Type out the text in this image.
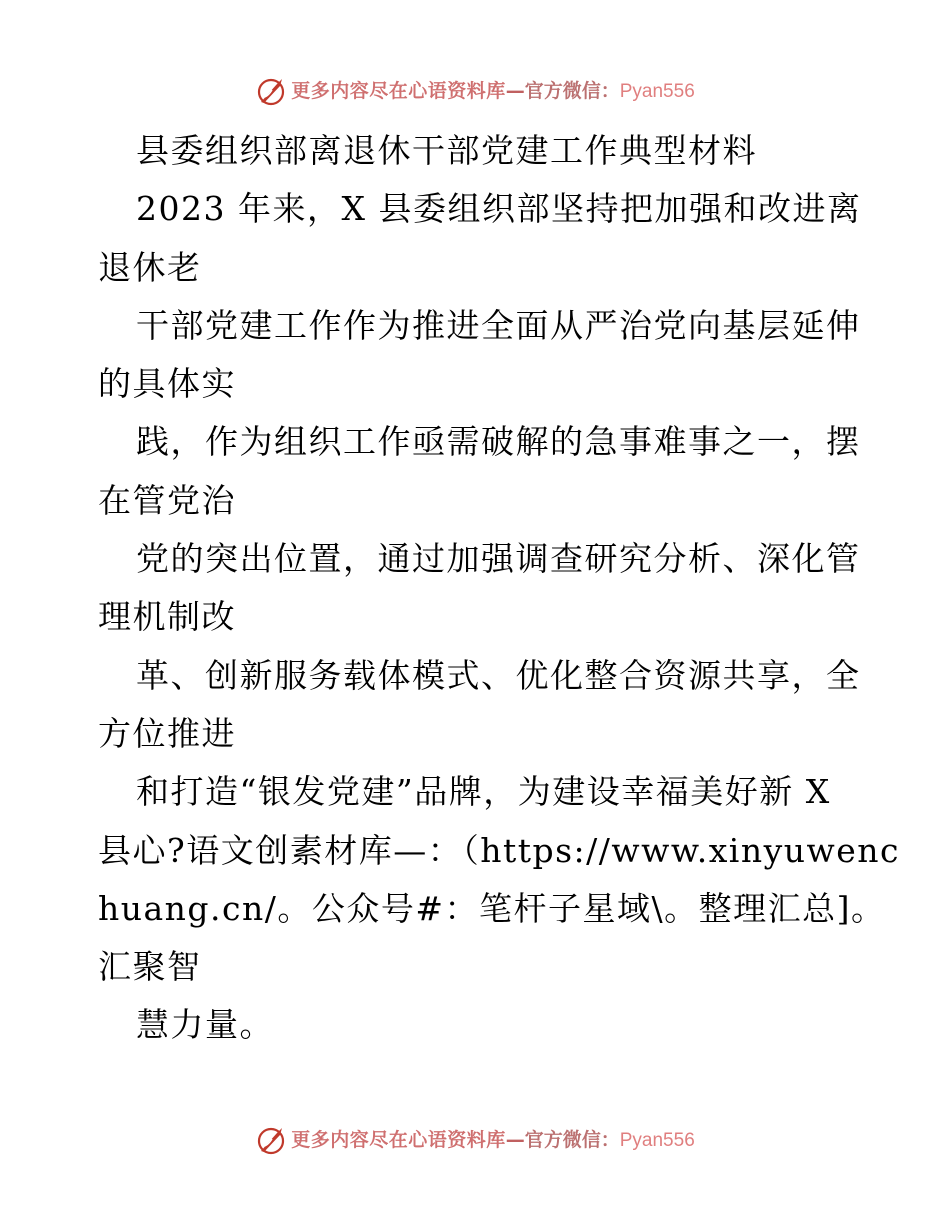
更多内容尽在心语资料库 — 官方微信： Pyan556
县委组织部离退休干部党建工作典型材料
2023 年来，X 县委组织部坚持把加强和改进离
退休老
干部党建工作作为推进全面从严治党向基层延伸
的具体实
践，作为组织工作亟需破解的急事难事之一，摆
在管党治
党的突出位置，通过加强调查研究分析、深化管
理机制改
革、创新服务载体模式、优化整合资源共享，全
方位推进
和打造“银发党建”品牌，为建设幸福美好新 X
县心?语文创素材库—：（https://www.xinyuwenc
huang.cn/。公众号#：笔杆子星域\。整理汇总]。
汇聚智
慧力量。
更多内容尽在心语资料库 — 官方微信： Pyan556
